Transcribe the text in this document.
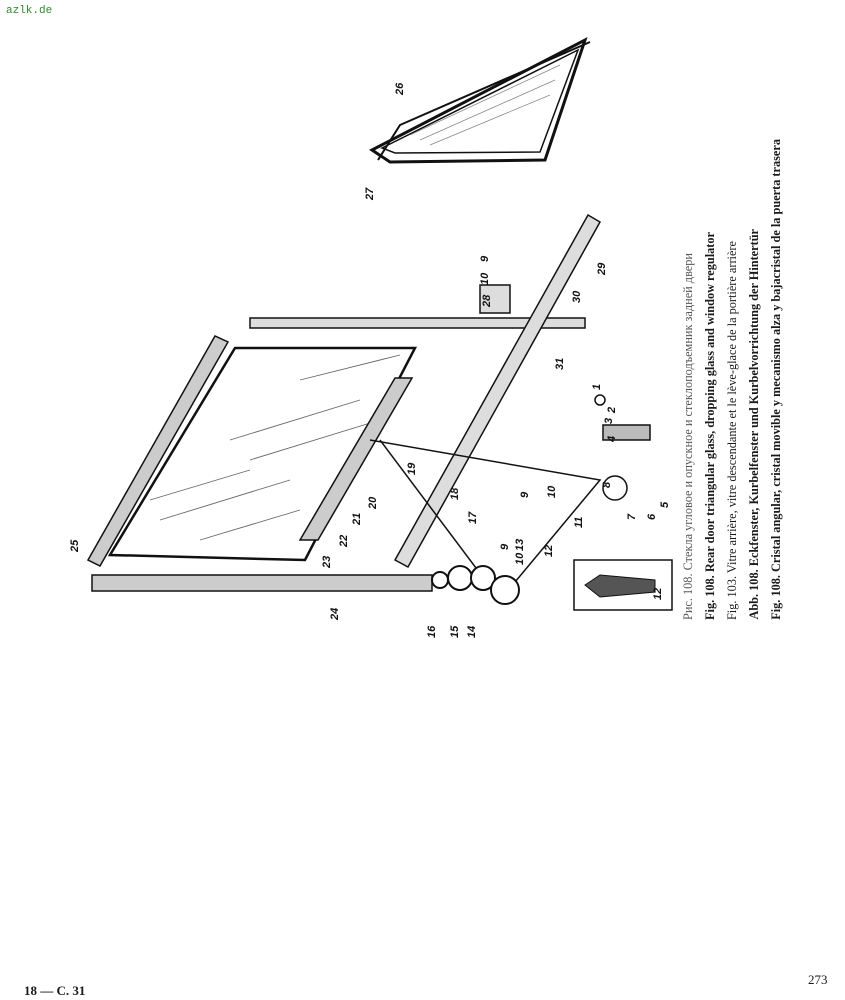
azlk.de
1
2
3
4
5
6
7
8
9
10
11
12
13
14
15
16
17
18
19
20
21
22
23
24
25
26
27
28
29
30
31
9 10
9
10
12	Рис. 108. Стекла угловое и опускное и стеклоподъемник задней двери Fig. 108. Rear door triangular glass, dropping glass and window regulator Fig. 103. Vitre arrière, vitre descendante et le lève-glace de la portière arrière Abb. 108. Eckfenster, Kurbelfenster und Kurbelvorrichtung der Hintertür Fig. 108. Cristal angular, cristal movible y mecanismo alza y bajacristal de la puerta trasera
18 — С. 31
273
